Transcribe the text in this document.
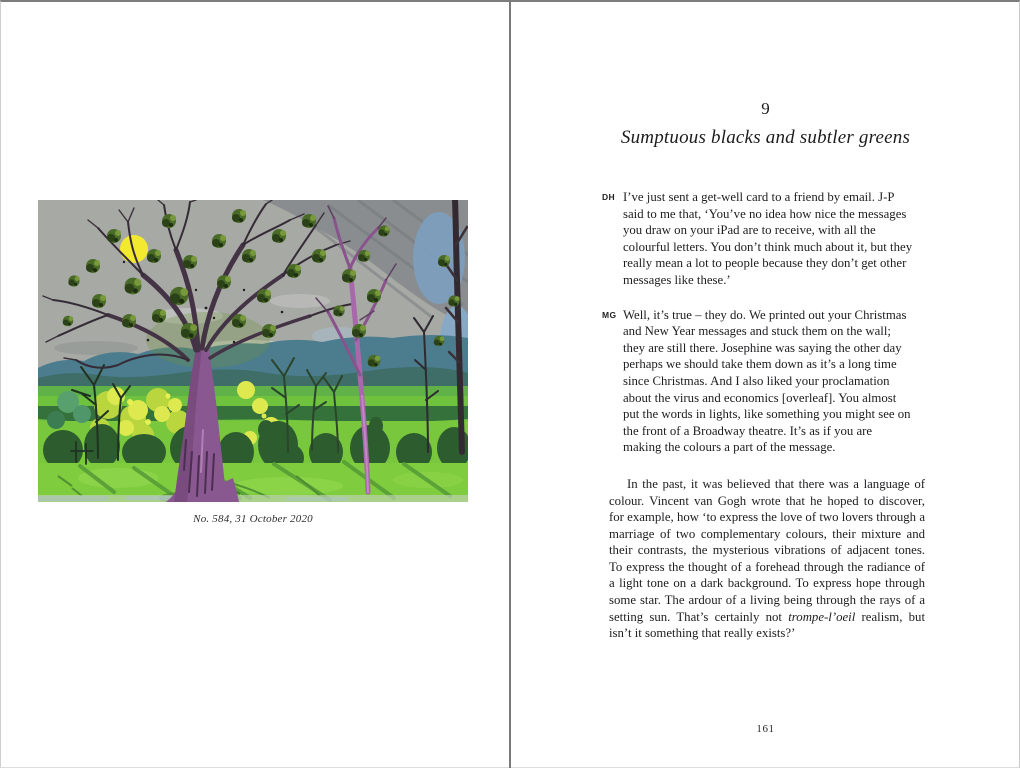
No. 584, 31 October 2020
9
Sumptuous blacks and subtler greens
DH I’ve just sent a get-well card to a friend by email. J-P said to me that, ‘You’ve no idea how nice the messages you draw on your iPad are to receive, with all the colourful letters. You don’t think much about it, but they really mean a lot to people because they don’t get other messages like these.’

MG Well, it’s true – they do. We printed out your Christmas and New Year messages and stuck them on the wall; they are still there. Josephine was saying the other day perhaps we should take them down as it’s a long time since Christmas. And I also liked your proclamation about the virus and economics [overleaf]. You almost put the words in lights, like something you might see on the front of a Broadway theatre. It’s as if you are making the colours a part of the message.

In the past, it was believed that there was a language of colour. Vincent van Gogh wrote that he hoped to discover, for example, how ‘to express the love of two lovers through a marriage of two complementary colours, their mixture and their contrasts, the mysterious vibrations of adjacent tones. To express the thought of a forehead through the radiance of a light tone on a dark background. To express hope through some star. The ardour of a living being through the rays of a setting sun. That’s certainly not trompe-l’oeil realism, but isn’t it something that really exists?’

161
